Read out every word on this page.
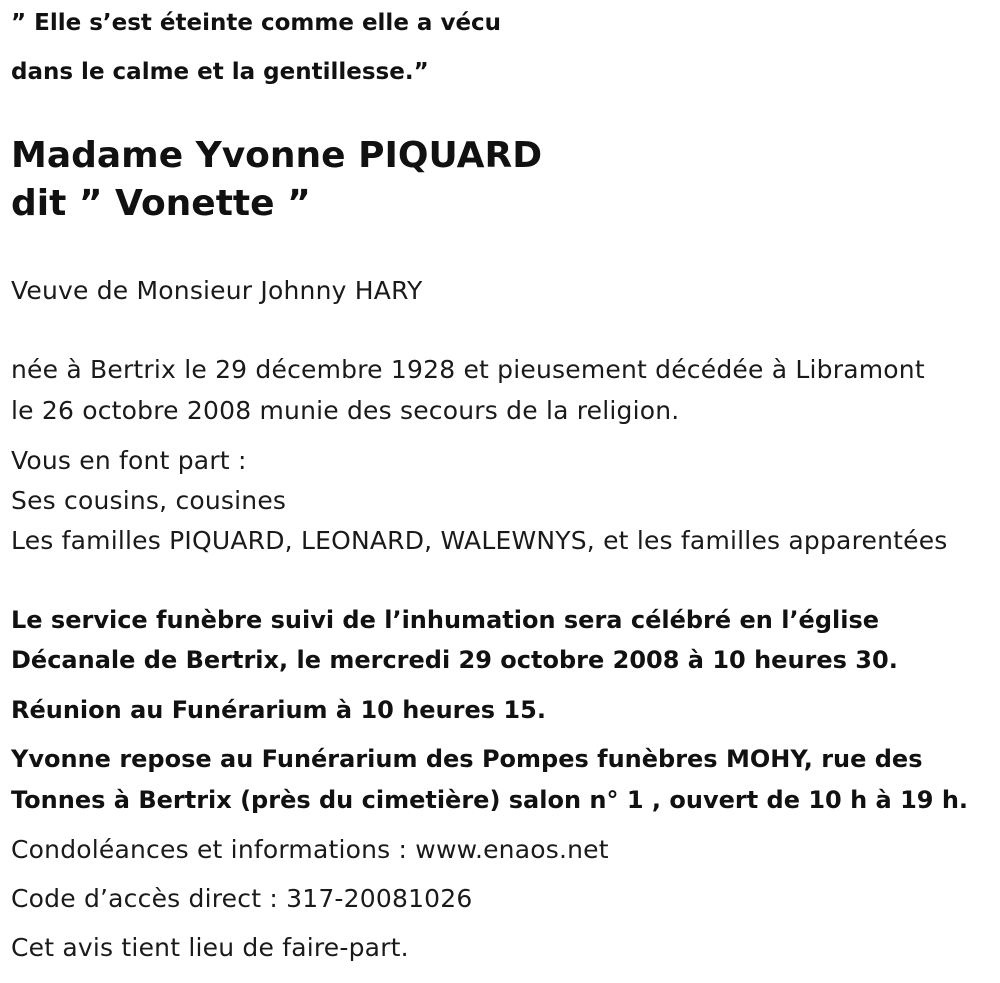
” Elle s’est éteinte comme elle a vécu

dans le calme et la gentillesse.”

Madame Yvonne PIQUARD

dit ” Vonette ”

Veuve de Monsieur Johnny HARY

née à Bertrix le 29 décembre 1928 et pieusement décédée à Libramont

le 26 octobre 2008 munie des secours de la religion.

Vous en font part :

Ses cousins, cousines

Les familles PIQUARD, LEONARD, WALEWNYS, et les familles apparentées

Le service funèbre suivi de l’inhumation sera célébré en l’église

Décanale de Bertrix, le mercredi 29 octobre 2008 à 10 heures 30.

Réunion au Funérarium à 10 heures 15.

Yvonne repose au Funérarium des Pompes funèbres MOHY, rue des

Tonnes à Bertrix (près du cimetière) salon n° 1 , ouvert de 10 h à 19 h.

Condoléances et informations : www.enaos.net

Code d’accès direct : 317-20081026

Cet avis tient lieu de faire-part.
